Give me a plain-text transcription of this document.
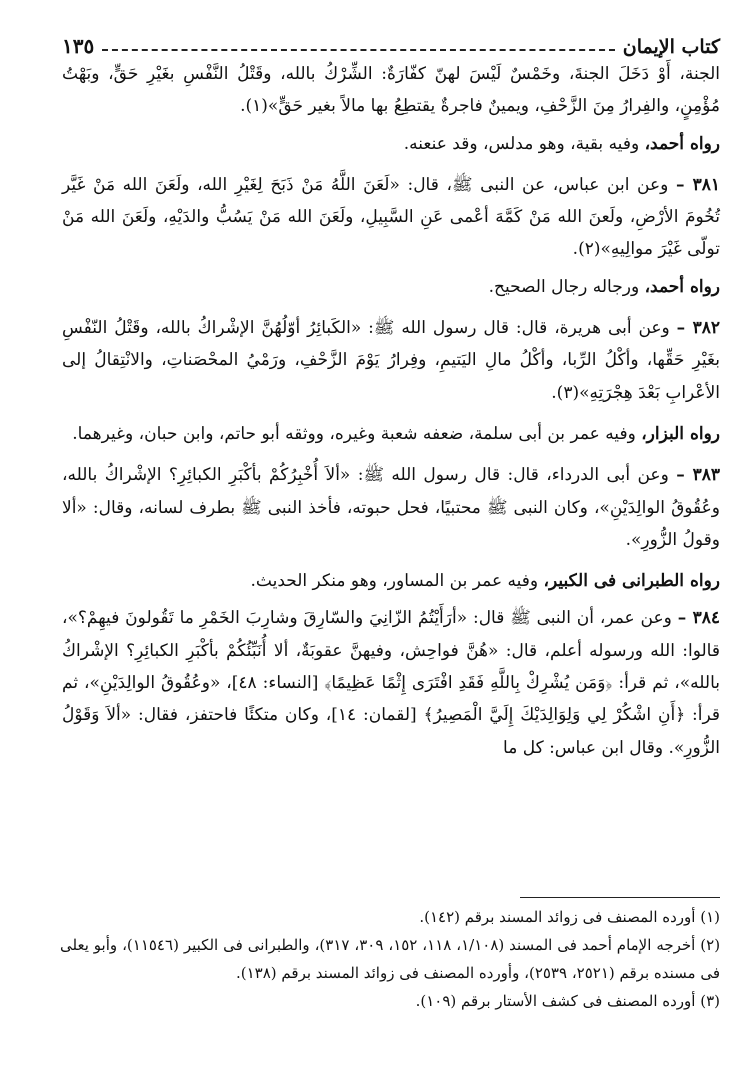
كتاب الإيمان
١٣٥

الجنة، أَوْ دَخَلَ الجنةَ، وخَمْسٌ لَيْسَ لهنّ كفّارَةٌ: الشِّرْكُ بالله، وقَتْلُ النَّفْسِ بغَيْرِ حَقٍّ، وبَهْتُ مُؤْمِنٍ، والفِرارُ مِنَ الزَّحْفِ، ويمينٌ فاجرةٌ يقتطِعُ بها مالاً بغير حَقٍّ»(١).

رواه أحمد، وفيه بقية، وهو مدلس، وقد عنعنه.

٣٨١ – وعن ابن عباس، عن النبى ﷺ، قال: «لَعَنَ اللَّهُ مَنْ ذَبَحَ لِغَيْرِ الله، ولَعَنَ الله مَنْ غَيَّر تُخُومَ الأرْضِ، ولَعنَ الله مَنْ كَمَّهَ أعْمى عَنِ السَّبِيلِ، ولَعَنَ الله مَنْ يَسُبُّ والدَيْهِ، ولَعَنَ الله مَنْ تولّى غَيْرَ موالِيهِ»(٢).

رواه أحمد، ورجاله رجال الصحيح.

٣٨٢ – وعن أبى هريرة، قال: قال رسول الله ﷺ: «الكَبائِرُ أوّلُهُنَّ الإشْراكُ بالله، وقَتْلُ النّفْسِ بغَيْرِ حَقِّها، وأكْلُ الرِّبا، وأكْلُ مالِ اليَتيمِ، وفِرارُ يَوْمَ الزَّحْفِ، ورَمْيُ المحْصَناتِ، والانْتِقالُ إلى الأعْرابِ بَعْدَ هِجْرَتِهِ»(٣).

رواه البزار، وفيه عمر بن أبى سلمة، ضعفه شعبة وغيره، ووثقه أبو حاتم، وابن حبان، وغيرهما.

٣٨٣ – وعن أبى الدرداء، قال: قال رسول الله ﷺ: «ألاَ أُخْبِرُكُمْ بأكْبَرِ الكبائِرِ؟ الإشْراكُ بالله، وعُقُوقُ الوالِدَيْنِ»، وكان النبى ﷺ محتبيًا، فحل حبوته، فأخذ النبى ﷺ بطرف لسانه، وقال: «ألا وقولُ الزُّورِ».

رواه الطبرانى فى الكبير، وفيه عمر بن المساور، وهو منكر الحديث.

٣٨٤ – وعن عمر، أن النبى ﷺ قال: «أرَأَيْتُمُ الزّانِيَ والسّارِقَ وشارِبَ الخَمْرِ ما تَقُولونَ فيهِمْ؟»، قالوا: الله ورسوله أعلم، قال: «هُنَّ فواحِش، وفيهنَّ عقوبَةٌ، ألا أُنَبِّئُكُمْ بأكْبَرِ الكبائِرِ؟ الإشْراكُ بالله»، ثم قرأ: ﴿وَمَن يُشْرِكْ بِاللَّهِ فَقَدِ افْتَرَى إِثْمًا عَظِيمًا﴾ [النساء: ٤٨]، «وعُقُوقُ الوالِدَيْنِ»، ثم قرأ: ﴿أَنِ اشْكُرْ لِي وَلِوَالِدَيْكَ إِلَيَّ الْمَصِيرُ﴾ [لقمان: ١٤]، وكان متكئًا فاحتفز، فقال: «ألاَ وَقَوْلُ الزُّورِ». وقال ابن عباس: كل ما

(١) أورده المصنف فى زوائد المسند برقم (١٤٢).

(٢) أخرجه الإمام أحمد فى المسند (١/١٠٨، ١١٨، ١٥٢، ٣٠٩، ٣١٧)، والطبرانى فى الكبير (١١٥٤٦)، وأبو يعلى فى مسنده برقم (٢٥٢١، ٢٥٣٩)، وأورده المصنف فى زوائد المسند برقم (١٣٨).

(٣) أورده المصنف فى كشف الأستار برقم (١٠٩).
